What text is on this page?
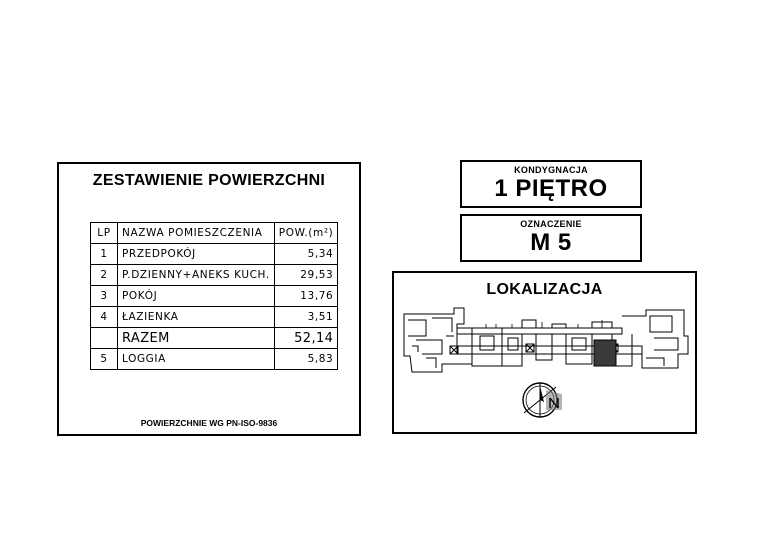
ZESTAWIENIE POWIERZCHNI
LP	NAZWA POMIESZCZENIA	POW.(m²)
1	PRZEDPOKÓJ	5,34
2	P.DZIENNY+ANEKS KUCH.	29,53
3	POKÓJ	13,76
4	ŁAZIENKA	3,51
	RAZEM	52,14
5	LOGGIA	5,83
POWIERZCHNIE WG PN-ISO-9836
KONDYGNACJA
1 PIĘTRO
OZNACZENIE
M 5
LOKALIZACJA
